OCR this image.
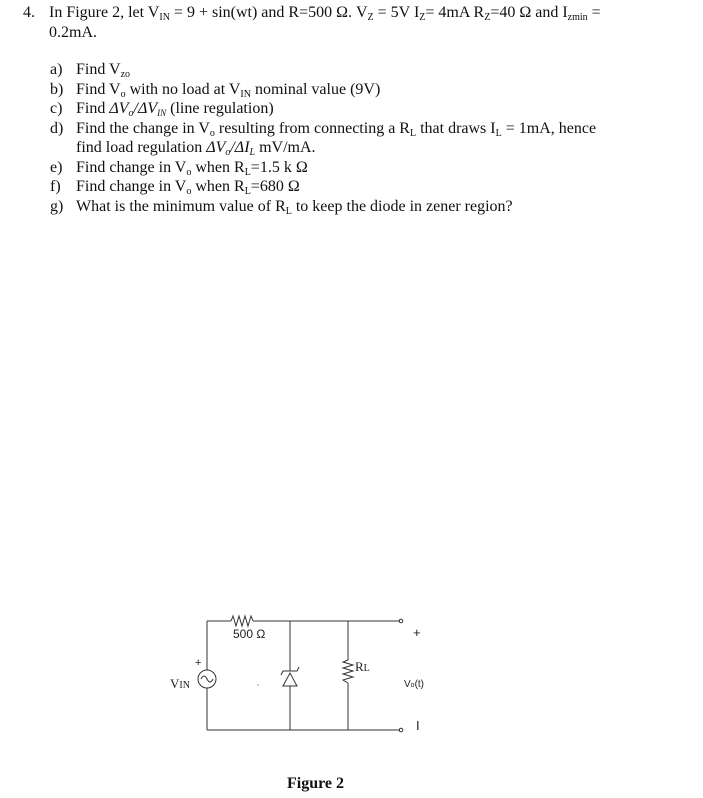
4. In Figure 2, let $V_{IN} = 9 + \sin(wt)$ and R=500 Ω. $V_Z = 5V$ $I_Z= 4mA$ $R_Z=40$ Ω and $I_{zmin}$ =
0.2mA.
a) Find $V_{zo}$
b) Find $V_o$ with no load at $V_{IN}$ nominal value (9V)
c) Find $\Delta V_o/\Delta V_{IN}$ (line regulation)
d) Find the change in $V_o$ resulting from connecting a $R_L$ that draws $I_L = 1mA$, hence
find load regulation $\Delta V_o/\Delta I_L$ mV/mA.
e) Find change in $V_o$ when $R_L=1.5$ k Ω
f) Find change in $V_o$ when $R_L=680$ Ω
g) What is the minimum value of $R_L$ to keep the diode in zener region?
500 Ω
+
VIN
RL
+
Vo(t)
I
Figure 2
